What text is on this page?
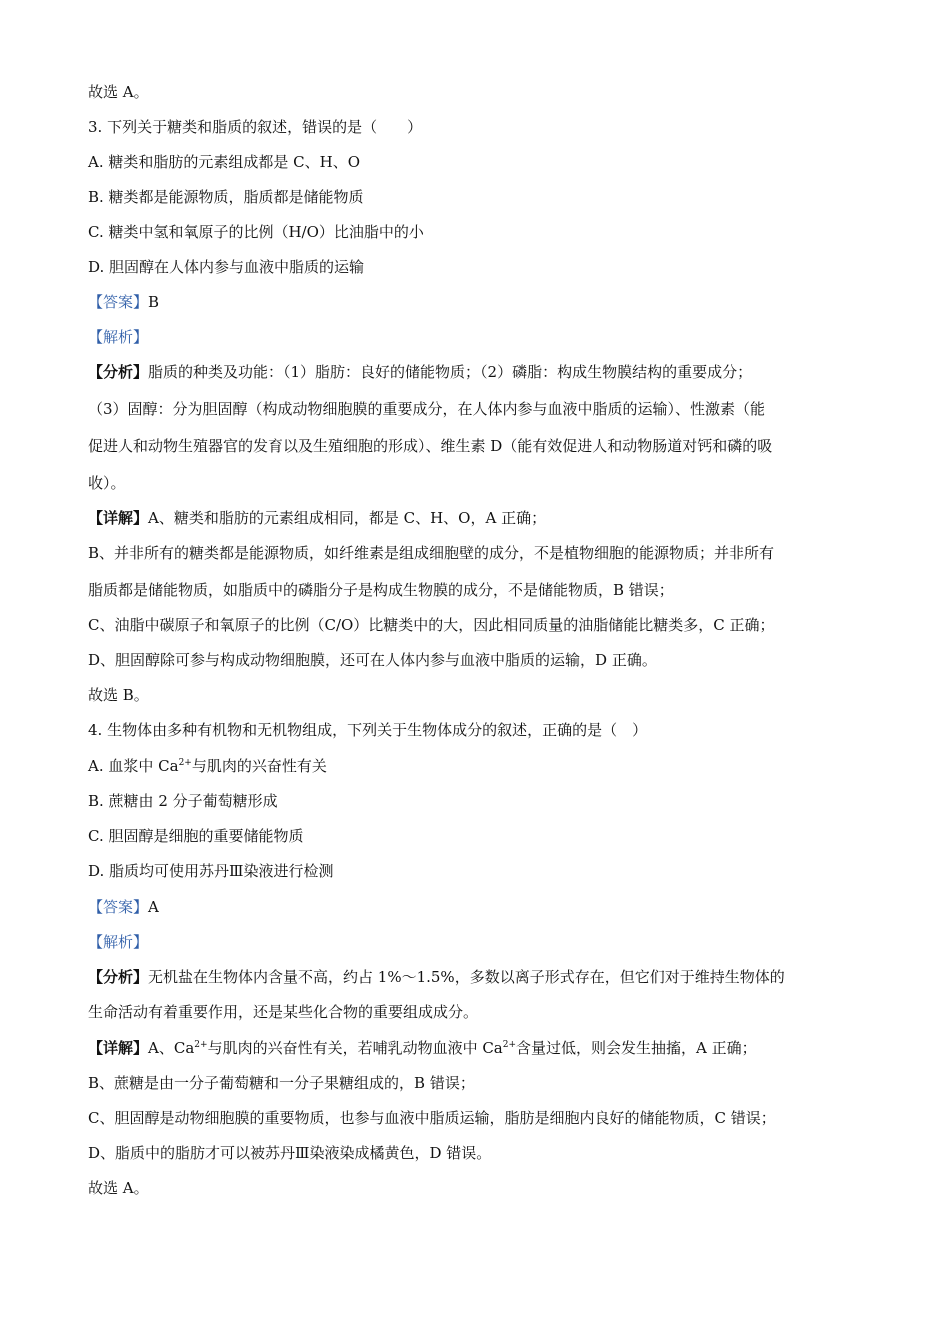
故选 A。
3. 下列关于糖类和脂质的叙述，错误的是（　　）
A. 糖类和脂肪的元素组成都是 C、H、O
B. 糖类都是能源物质，脂质都是储能物质
C. 糖类中氢和氧原子的比例（H/O）比油脂中的小
D. 胆固醇在人体内参与血液中脂质的运输
【答案】B
【解析】
【分析】脂质的种类及功能：（1）脂肪：良好的储能物质；（2）磷脂：构成生物膜结构的重要成分；
（3）固醇：分为胆固醇（构成动物细胞膜的重要成分，在人体内参与血液中脂质的运输）、性激素（能
促进人和动物生殖器官的发育以及生殖细胞的形成）、维生素 D（能有效促进人和动物肠道对钙和磷的吸
收）。
【详解】A、糖类和脂肪的元素组成相同，都是 C、H、O，A 正确；
B、并非所有的糖类都是能源物质，如纤维素是组成细胞壁的成分，不是植物细胞的能源物质；并非所有
脂质都是储能物质，如脂质中的磷脂分子是构成生物膜的成分，不是储能物质，B 错误；
C、油脂中碳原子和氧原子的比例（C/O）比糖类中的大，因此相同质量的油脂储能比糖类多，C 正确；
D、胆固醇除可参与构成动物细胞膜，还可在人体内参与血液中脂质的运输，D 正确。
故选 B。
4. 生物体由多种有机物和无机物组成，下列关于生物体成分的叙述，正确的是（　）
A. 血浆中 $Ca^{2+}$与肌肉的兴奋性有关
B. 蔗糖由 2 分子葡萄糖形成
C. 胆固醇是细胞的重要储能物质
D. 脂质均可使用苏丹Ⅲ染液进行检测
【答案】A
【解析】
【分析】无机盐在生物体内含量不高，约占 1%～1.5%，多数以离子形式存在，但它们对于维持生物体的
生命活动有着重要作用，还是某些化合物的重要组成成分。
【详解】A、$Ca^{2+}$与肌肉的兴奋性有关，若哺乳动物血液中 $Ca^{2+}$含量过低，则会发生抽搐，A 正确；
B、蔗糖是由一分子葡萄糖和一分子果糖组成的，B 错误；
C、胆固醇是动物细胞膜的重要物质，也参与血液中脂质运输，脂肪是细胞内良好的储能物质，C 错误；
D、脂质中的脂肪才可以被苏丹Ⅲ染液染成橘黄色，D 错误。
故选 A。
